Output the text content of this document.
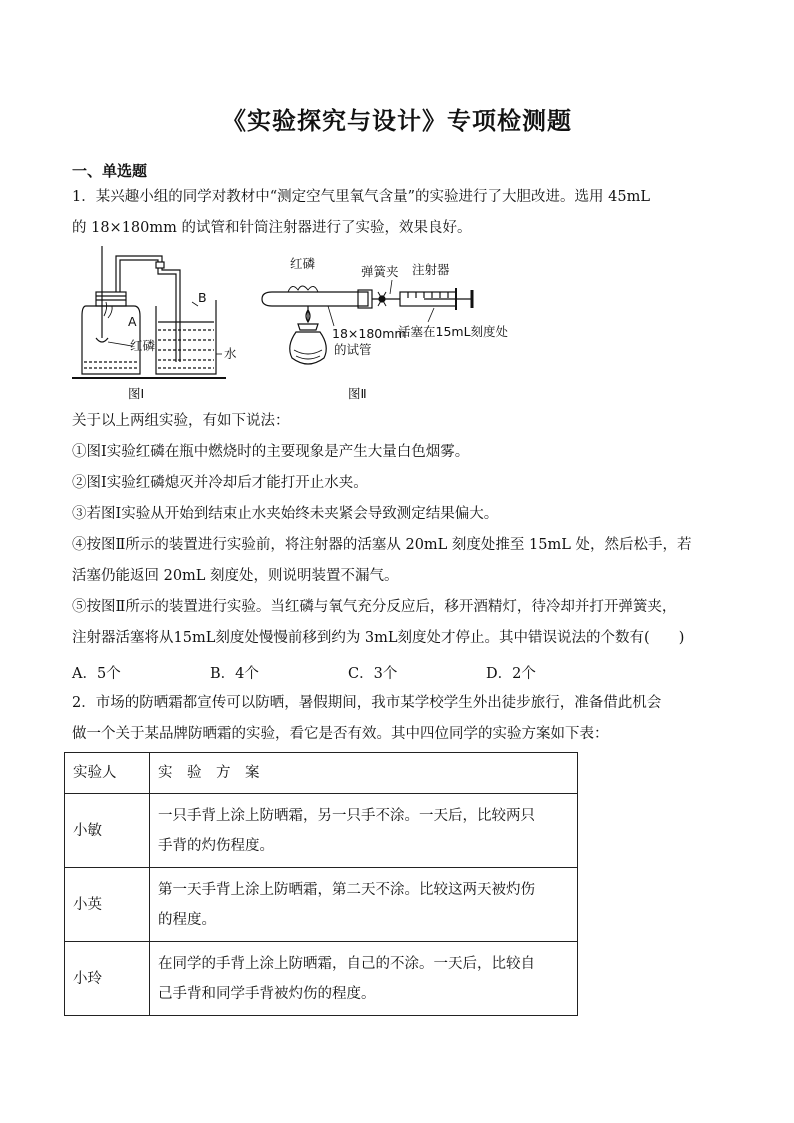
《实验探究与设计》专项检测题
一、单选题
1．某兴趣小组的同学对教材中“测定空气里氧气含量”的实验进行了大胆改进。选用 45mL
的 18×180mm 的试管和针筒注射器进行了实验，效果良好。
A
B
红磷
水
图Ⅰ
红磷
弹簧夹 注射器
18×180mm
的试管
活塞在15mL刻度处
图Ⅱ
关于以上两组实验，有如下说法：
①图Ⅰ实验红磷在瓶中燃烧时的主要现象是产生大量白色烟雾。
②图Ⅰ实验红磷熄灭并冷却后才能打开止水夹。
③若图Ⅰ实验从开始到结束止水夹始终未夹紧会导致测定结果偏大。
④按图Ⅱ所示的装置进行实验前，将注射器的活塞从 20mL 刻度处推至 15mL 处，然后松手，若
活塞仍能返回 20mL 刻度处，则说明装置不漏气。
⑤按图Ⅱ所示的装置进行实验。当红磷与氧气充分反应后，移开酒精灯，待冷却并打开弹簧夹，
注射器活塞将从15mL刻度处慢慢前移到约为 3mL刻度处才停止。其中错误说法的个数有(　　)
A．5个	B．4个	C．3个	D．2个
2．市场的防晒霜都宣传可以防晒，暑假期间，我市某学校学生外出徒步旅行，准备借此机会
做一个关于某品牌防晒霜的实验，看它是否有效。其中四位同学的实验方案如下表：
实验人	实　验　方　案
小敏	一只手背上涂上防晒霜，另一只手不涂。一天后，比较两只
手背的灼伤程度。

小英	第一天手背上涂上防晒霜，第二天不涂。比较这两天被灼伤
的程度。

小玲	在同学的手背上涂上防晒霜，自己的不涂。一天后，比较自
己手背和同学手背被灼伤的程度。
